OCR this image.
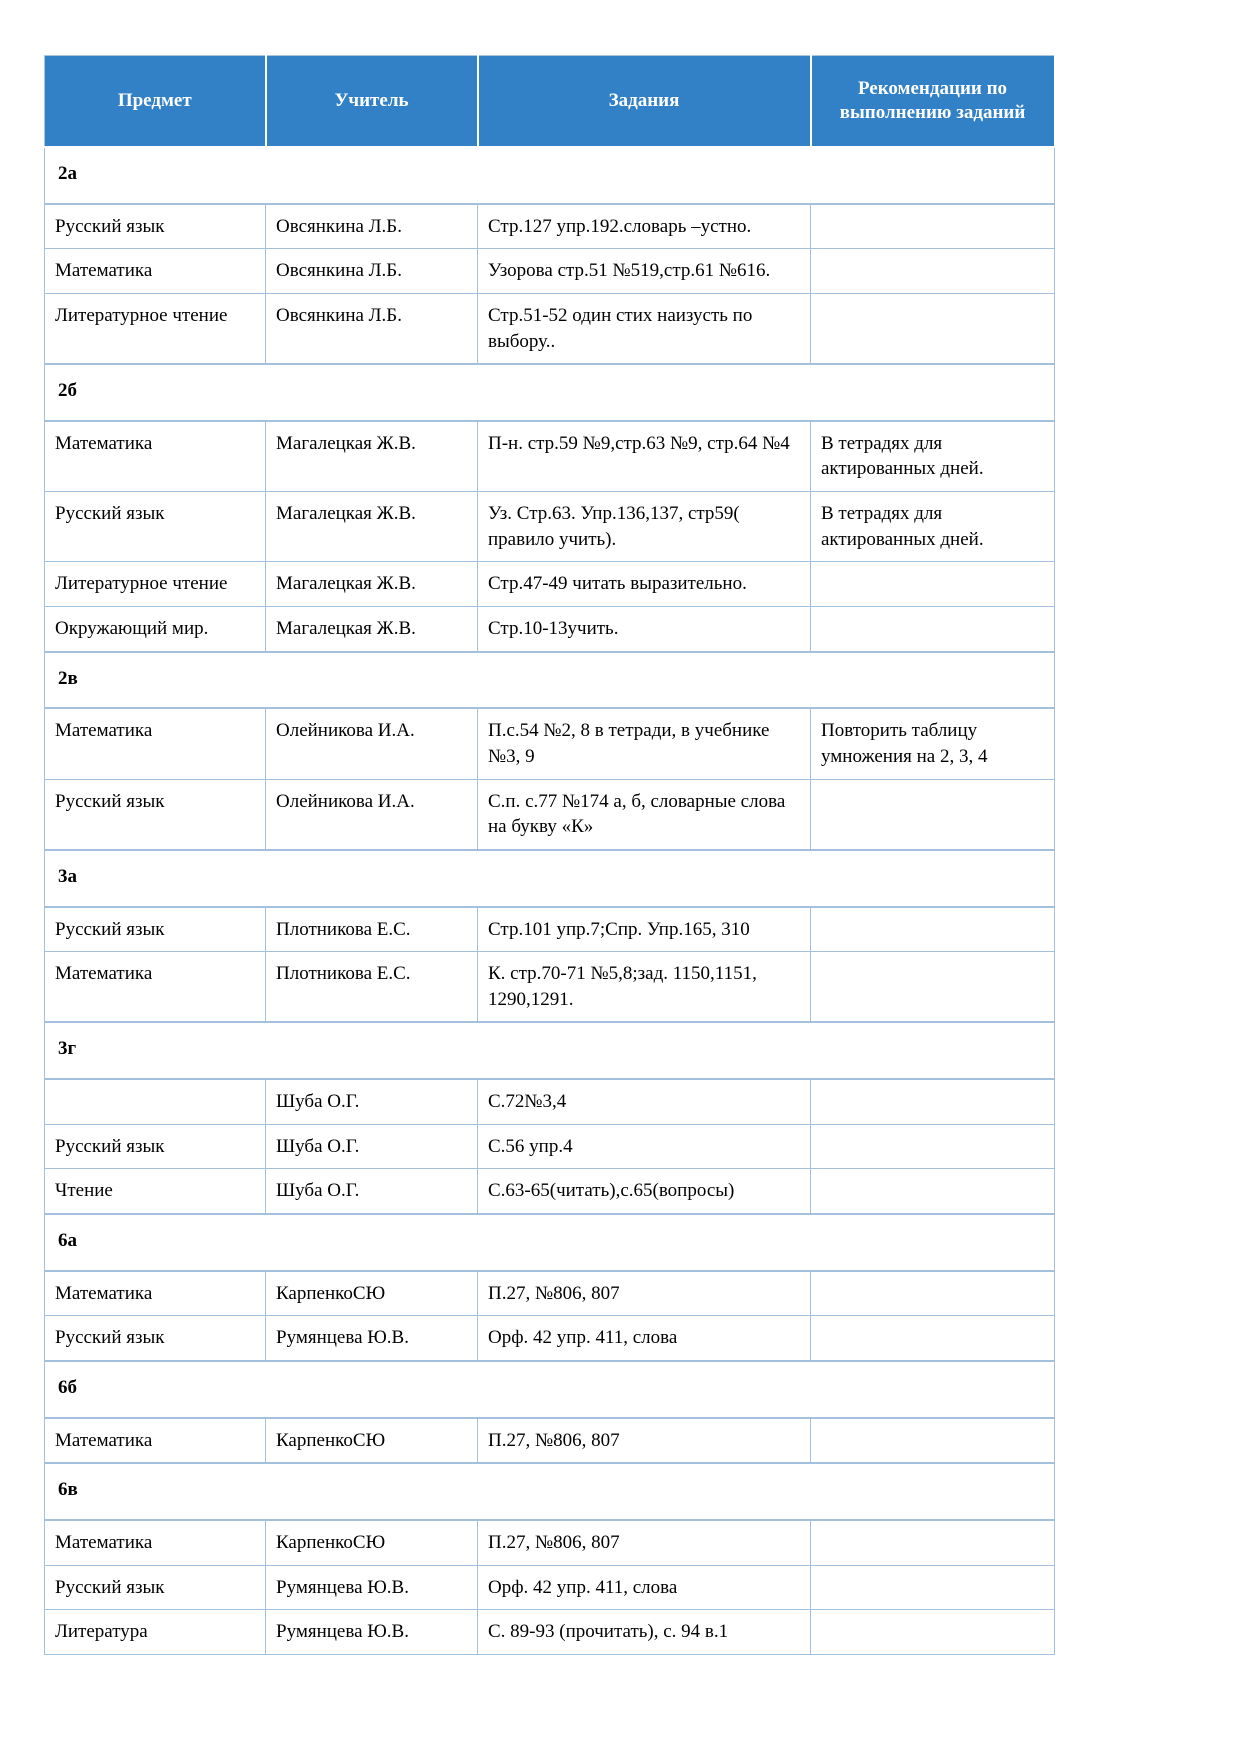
Предмет	Учитель	Задания	Рекомендации по
выполнению заданий

2а			
Русский язык	Овсянкина Л.Б.	Стр.127 упр.192.словарь –устно.	
Математика	Овсянкина Л.Б.	Узорова стр.51 №519,стр.61 №616.	
Литературное чтение	Овсянкина Л.Б.	Стр.51-52 один стих наизусть по выбору..	
2б			
Математика	Магалецкая Ж.В.	П-н. стр.59 №9,стр.63 №9, стр.64 №4	В тетрадях для актированных дней.
Русский язык	Магалецкая Ж.В.	Уз. Стр.63. Упр.136,137, стр59( правило учить).	В тетрадях для актированных дней.
Литературное чтение	Магалецкая Ж.В.	Стр.47-49 читать выразительно.	
Окружающий мир.	Магалецкая Ж.В.	Стр.10-13учить.	
2в			
Математика	Олейникова И.А.	П.с.54 №2, 8 в тетради, в учебнике №3, 9	Повторить таблицу умножения на 2, 3, 4
Русский язык	Олейникова И.А.	С.п. с.77 №174 а, б, словарные слова на букву «К»	
3а			
Русский язык	Плотникова Е.С.	Стр.101 упр.7;Спр. Упр.165, 310	
Математика	Плотникова Е.С.	К. стр.70-71 №5,8;зад. 1150,1151, 1290,1291.	
3г			
	Шуба О.Г.	С.72№3,4	
Русский язык	Шуба О.Г.	С.56 упр.4	
Чтение	Шуба О.Г.	С.63-65(читать),с.65(вопросы)	
6а			
Математика	КарпенкоСЮ	П.27, №806, 807	
Русский язык	Румянцева Ю.В.	Орф. 42 упр. 411, слова	
6б			
Математика	КарпенкоСЮ	П.27, №806, 807	
6в			
Математика	КарпенкоСЮ	П.27, №806, 807	
Русский язык	Румянцева Ю.В.	Орф. 42 упр. 411, слова	
Литература	Румянцева Ю.В.	С. 89-93 (прочитать), с. 94 в.1	
